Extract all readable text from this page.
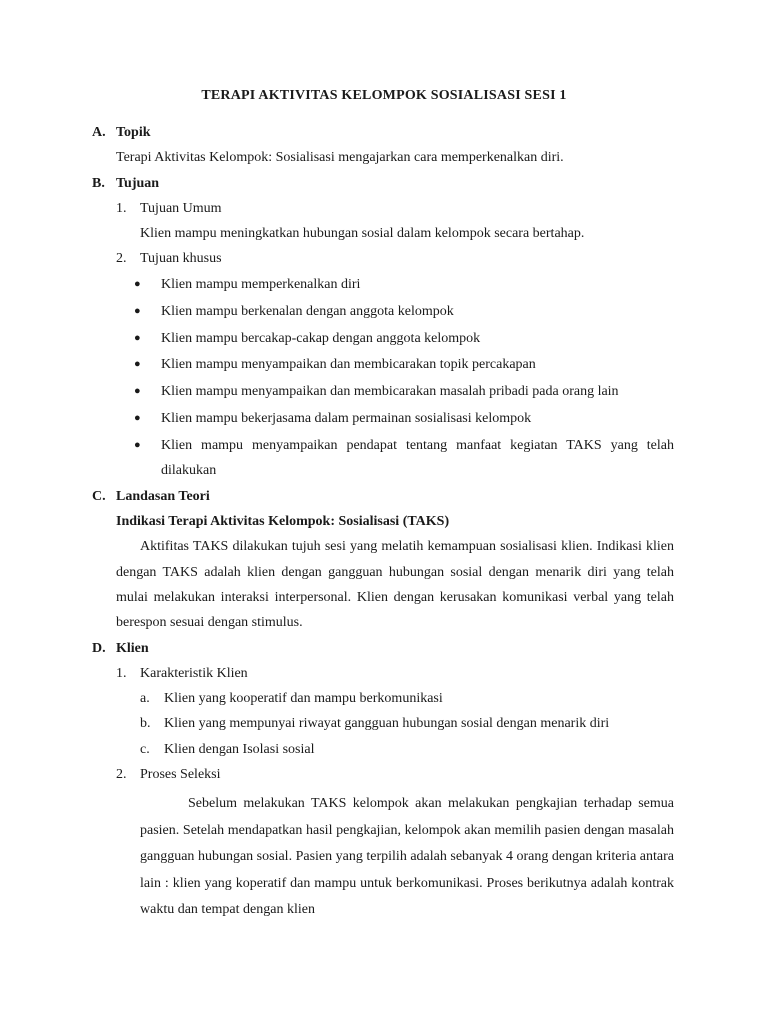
TERAPI AKTIVITAS KELOMPOK SOSIALISASI SESI 1
A. Topik
Terapi Aktivitas Kelompok: Sosialisasi mengajarkan cara memperkenalkan diri.
B. Tujuan
1. Tujuan Umum
Klien mampu meningkatkan hubungan sosial dalam kelompok secara bertahap.
2. Tujuan khusus
●	Klien mampu memperkenalkan diri
●	Klien mampu berkenalan dengan anggota kelompok
●	Klien mampu bercakap-cakap dengan anggota kelompok
●	Klien mampu menyampaikan dan membicarakan topik percakapan
●	Klien mampu menyampaikan dan membicarakan masalah pribadi pada orang lain
●	Klien mampu bekerjasama dalam permainan sosialisasi kelompok
●	Klien mampu menyampaikan pendapat tentang manfaat kegiatan TAKS yang telah dilakukan
C. Landasan Teori
Indikasi Terapi Aktivitas Kelompok: Sosialisasi (TAKS)
Aktifitas TAKS dilakukan tujuh sesi yang melatih kemampuan sosialisasi klien. Indikasi klien dengan TAKS adalah klien dengan gangguan hubungan sosial dengan menarik diri yang telah mulai melakukan interaksi interpersonal. Klien dengan kerusakan komunikasi verbal yang telah berespon sesuai dengan stimulus.
D. Klien
1. Karakteristik Klien
a.	Klien yang kooperatif dan mampu berkomunikasi
b. Klien yang mempunyai riwayat gangguan hubungan sosial dengan menarik diri
c.	Klien dengan Isolasi sosial
2. Proses Seleksi
Sebelum melakukan TAKS kelompok akan melakukan pengkajian terhadap semua pasien. Setelah mendapatkan hasil pengkajian, kelompok akan memilih pasien dengan masalah gangguan hubungan sosial. Pasien yang terpilih adalah sebanyak 4 orang dengan kriteria antara lain : klien yang koperatif dan mampu untuk berkomunikasi. Proses berikutnya adalah kontrak waktu dan tempat dengan klien
